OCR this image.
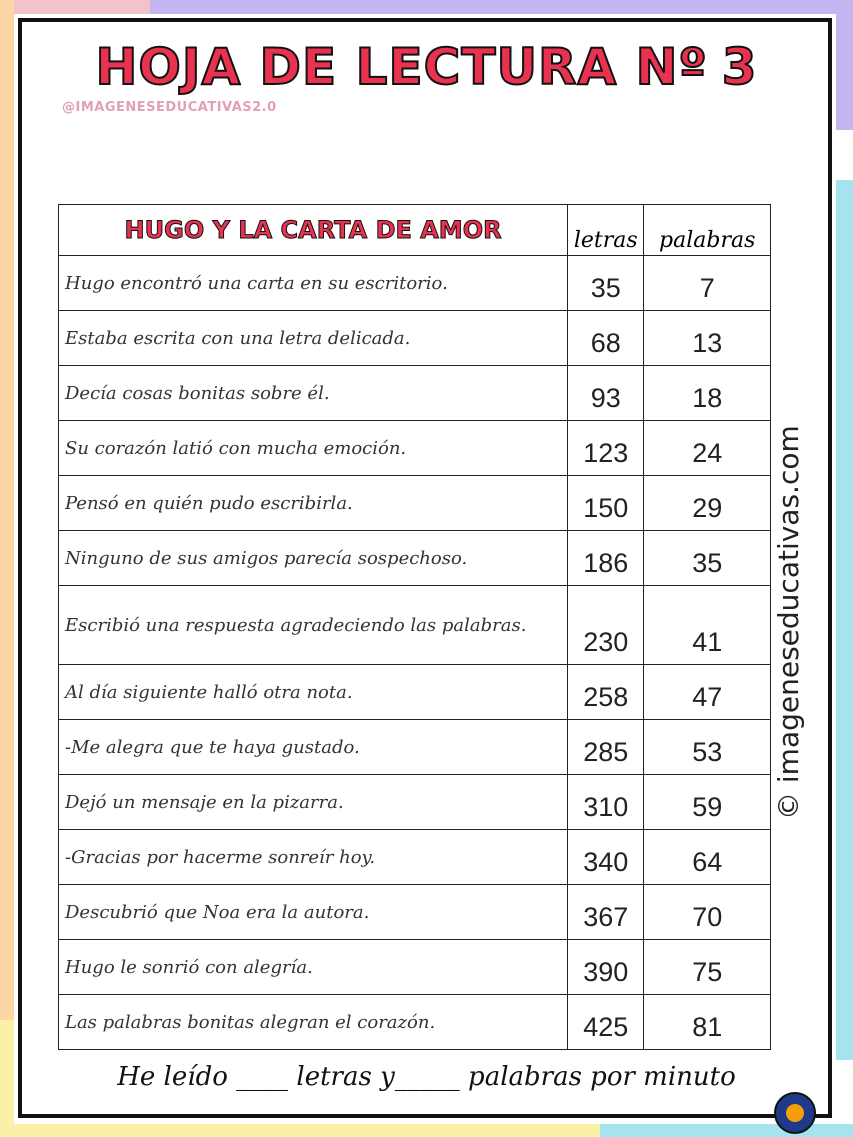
HOJA DE LECTURA Nº 3
@IMAGENESEDUCATIVAS2.0
HUGO Y LA CARTA DE AMOR	letras	palabras
Hugo encontró una carta en su escritorio.	35	7
Estaba escrita con una letra delicada.	68	13
Decía cosas bonitas sobre él.	93	18
Su corazón latió con mucha emoción.	123	24
Pensó en quién pudo escribirla.	150	29
Ninguno de sus amigos parecía sospechoso.	186	35
Escribió una respuesta agradeciendo las palabras.	230	41
Al día siguiente halló otra nota.	258	47
-Me alegra que te haya gustado.	285	53
Dejó un mensaje en la pizarra.	310	59
-Gracias por hacerme sonreír hoy.	340	64
Descubrió que Noa era la autora.	367	70
Hugo le sonrió con alegría.	390	75
Las palabras bonitas alegran el corazón.	425	81
© imageneseducativas.com
He leído ____ letras y_____ palabras por minuto
